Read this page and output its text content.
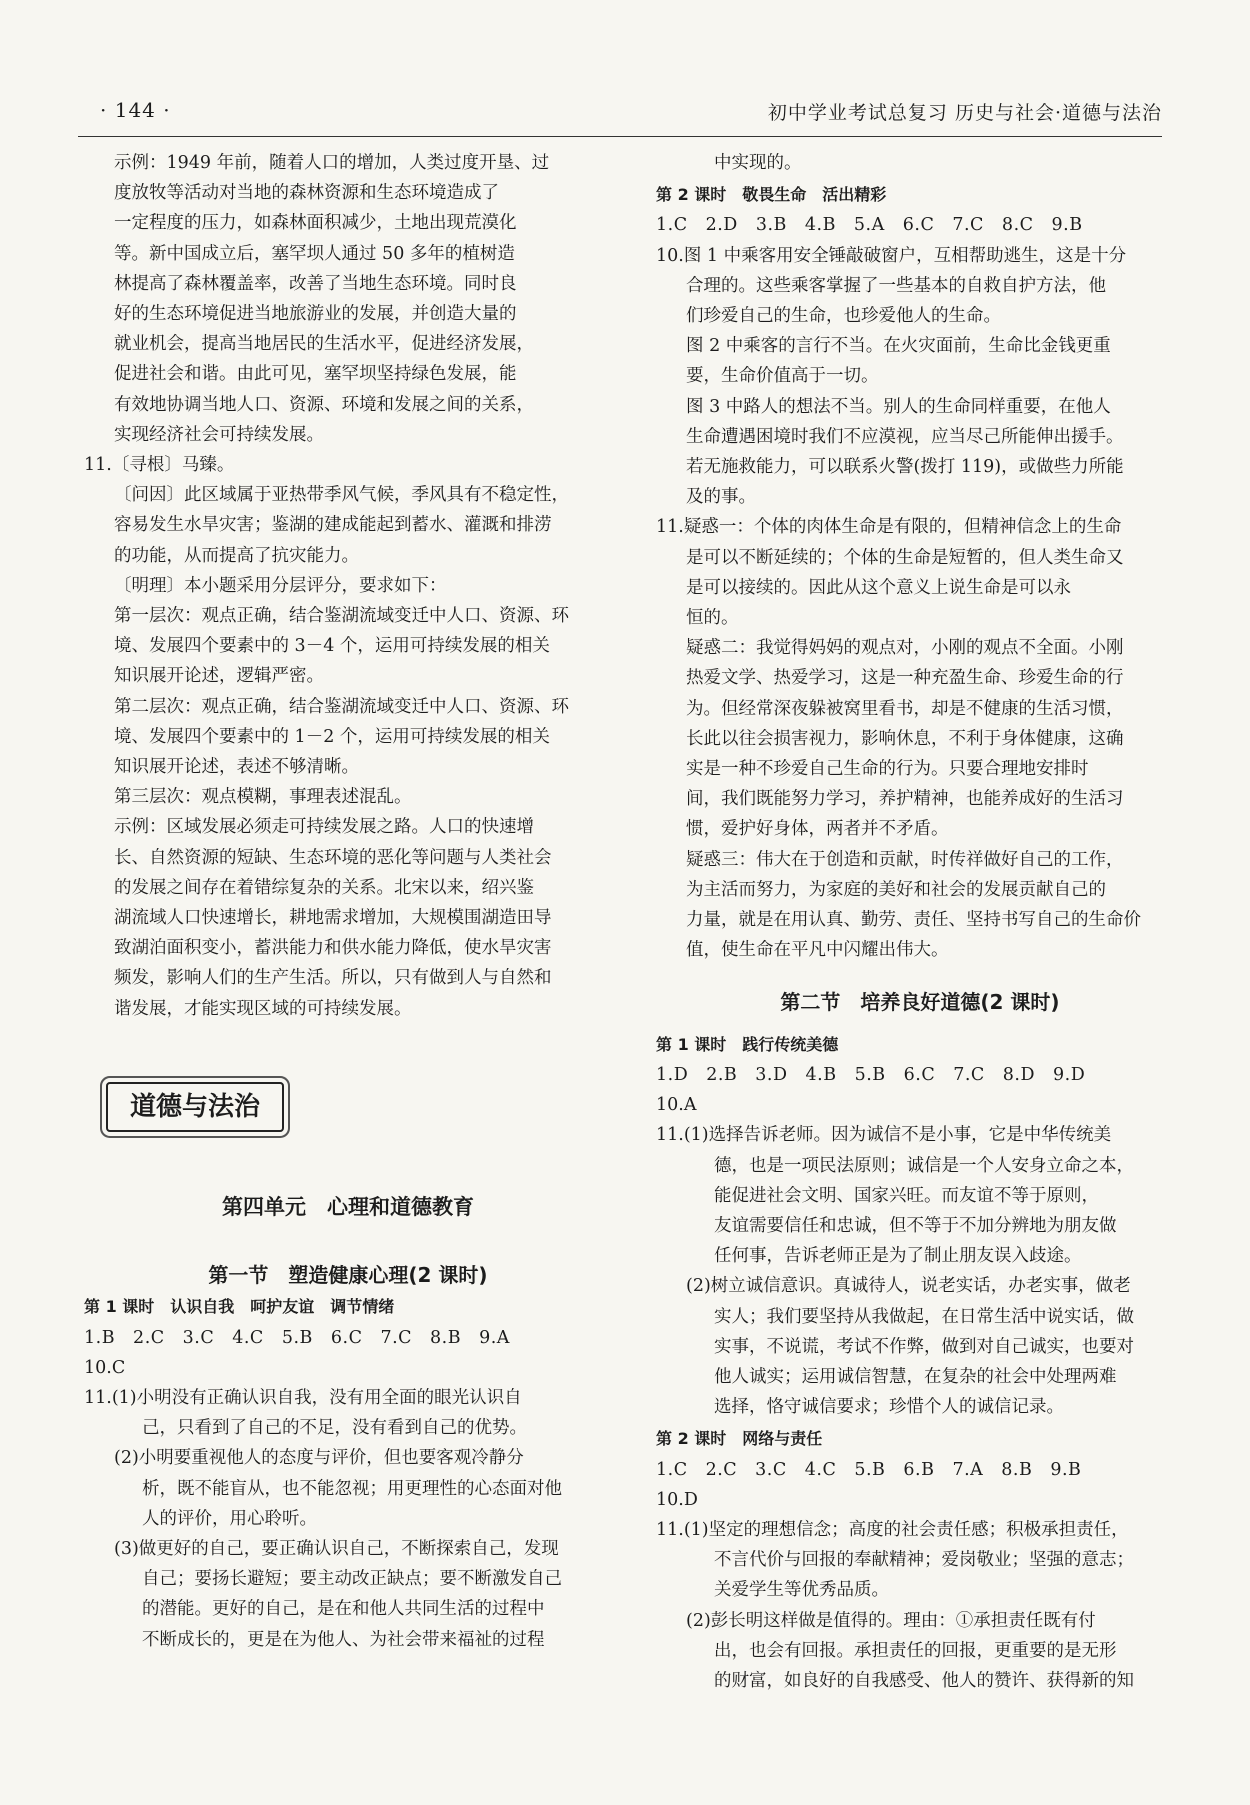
· 144 ·	初中学业考试总复习 历史与社会·道德与法治

示例：1949 年前，随着人口的增加，人类过度开垦、过

度放牧等活动对当地的森林资源和生态环境造成了

一定程度的压力，如森林面积减少，土地出现荒漠化

等。新中国成立后，塞罕坝人通过 50 多年的植树造

林提高了森林覆盖率，改善了当地生态环境。同时良

好的生态环境促进当地旅游业的发展，并创造大量的

就业机会，提高当地居民的生活水平，促进经济发展，

促进社会和谐。由此可见，塞罕坝坚持绿色发展，能

有效地协调当地人口、资源、环境和发展之间的关系，

实现经济社会可持续发展。

11.〔寻根〕马臻。

〔问因〕此区域属于亚热带季风气候，季风具有不稳定性，

容易发生水旱灾害；鉴湖的建成能起到蓄水、灌溉和排涝

的功能，从而提高了抗灾能力。

〔明理〕本小题采用分层评分，要求如下：

第一层次：观点正确，结合鉴湖流域变迁中人口、资源、环

境、发展四个要素中的 3－4 个，运用可持续发展的相关

知识展开论述，逻辑严密。

第二层次：观点正确，结合鉴湖流域变迁中人口、资源、环

境、发展四个要素中的 1－2 个，运用可持续发展的相关

知识展开论述，表述不够清晰。

第三层次：观点模糊，事理表述混乱。

示例：区域发展必须走可持续发展之路。人口的快速增

长、自然资源的短缺、生态环境的恶化等问题与人类社会

的发展之间存在着错综复杂的关系。北宋以来，绍兴鉴

湖流域人口快速增长，耕地需求增加，大规模围湖造田导

致湖泊面积变小，蓄洪能力和供水能力降低，使水旱灾害

频发，影响人们的生产生活。所以，只有做到人与自然和

谐发展，才能实现区域的可持续发展。

道德与法治

第四单元　心理和道德教育

第一节　塑造健康心理(2 课时)

第 1 课时　认识自我　呵护友谊　调节情绪

1.B　2.C　3.C　4.C　5.B　6.C　7.C　8.B　9.A

10.C

11.(1)小明没有正确认识自我，没有用全面的眼光认识自

己，只看到了自己的不足，没有看到自己的优势。

(2)小明要重视他人的态度与评价，但也要客观冷静分

析，既不能盲从，也不能忽视；用更理性的心态面对他

人的评价，用心聆听。

(3)做更好的自己，要正确认识自己，不断探索自己，发现

自己；要扬长避短；要主动改正缺点；要不断激发自己

的潜能。更好的自己，是在和他人共同生活的过程中

不断成长的，更是在为他人、为社会带来福祉的过程

中实现的。

第 2 课时　敬畏生命　活出精彩

1.C　2.D　3.B　4.B　5.A　6.C　7.C　8.C　9.B

10.图 1 中乘客用安全锤敲破窗户，互相帮助逃生，这是十分

合理的。这些乘客掌握了一些基本的自救自护方法，他

们珍爱自己的生命，也珍爱他人的生命。

图 2 中乘客的言行不当。在火灾面前，生命比金钱更重

要，生命价值高于一切。

图 3 中路人的想法不当。别人的生命同样重要，在他人

生命遭遇困境时我们不应漠视，应当尽己所能伸出援手。

若无施救能力，可以联系火警(拨打 119)，或做些力所能

及的事。

11.疑惑一：个体的肉体生命是有限的，但精神信念上的生命

是可以不断延续的；个体的生命是短暂的，但人类生命又

是可以接续的。因此从这个意义上说生命是可以永

恒的。

疑惑二：我觉得妈妈的观点对，小刚的观点不全面。小刚

热爱文学、热爱学习，这是一种充盈生命、珍爱生命的行

为。但经常深夜躲被窝里看书，却是不健康的生活习惯，

长此以往会损害视力，影响休息，不利于身体健康，这确

实是一种不珍爱自己生命的行为。只要合理地安排时

间，我们既能努力学习，养护精神，也能养成好的生活习

惯，爱护好身体，两者并不矛盾。

疑惑三：伟大在于创造和贡献，时传祥做好自己的工作，

为主活而努力，为家庭的美好和社会的发展贡献自己的

力量，就是在用认真、勤劳、责任、坚持书写自己的生命价

值，使生命在平凡中闪耀出伟大。

第二节　培养良好道德(2 课时)

第 1 课时　践行传统美德

1.D　2.B　3.D　4.B　5.B　6.C　7.C　8.D　9.D

10.A

11.(1)选择告诉老师。因为诚信不是小事，它是中华传统美

德，也是一项民法原则；诚信是一个人安身立命之本，

能促进社会文明、国家兴旺。而友谊不等于原则，

友谊需要信任和忠诚，但不等于不加分辨地为朋友做

任何事，告诉老师正是为了制止朋友误入歧途。

(2)树立诚信意识。真诚待人，说老实话，办老实事，做老

实人；我们要坚持从我做起，在日常生活中说实话，做

实事，不说谎，考试不作弊，做到对自己诚实，也要对

他人诚实；运用诚信智慧，在复杂的社会中处理两难

选择，恪守诚信要求；珍惜个人的诚信记录。

第 2 课时　网络与责任

1.C　2.C　3.C　4.C　5.B　6.B　7.A　8.B　9.B

10.D

11.(1)坚定的理想信念；高度的社会责任感；积极承担责任，

不言代价与回报的奉献精神；爱岗敬业；坚强的意志；

关爱学生等优秀品质。

(2)彭长明这样做是值得的。理由：①承担责任既有付

出，也会有回报。承担责任的回报，更重要的是无形

的财富，如良好的自我感受、他人的赞许、获得新的知
